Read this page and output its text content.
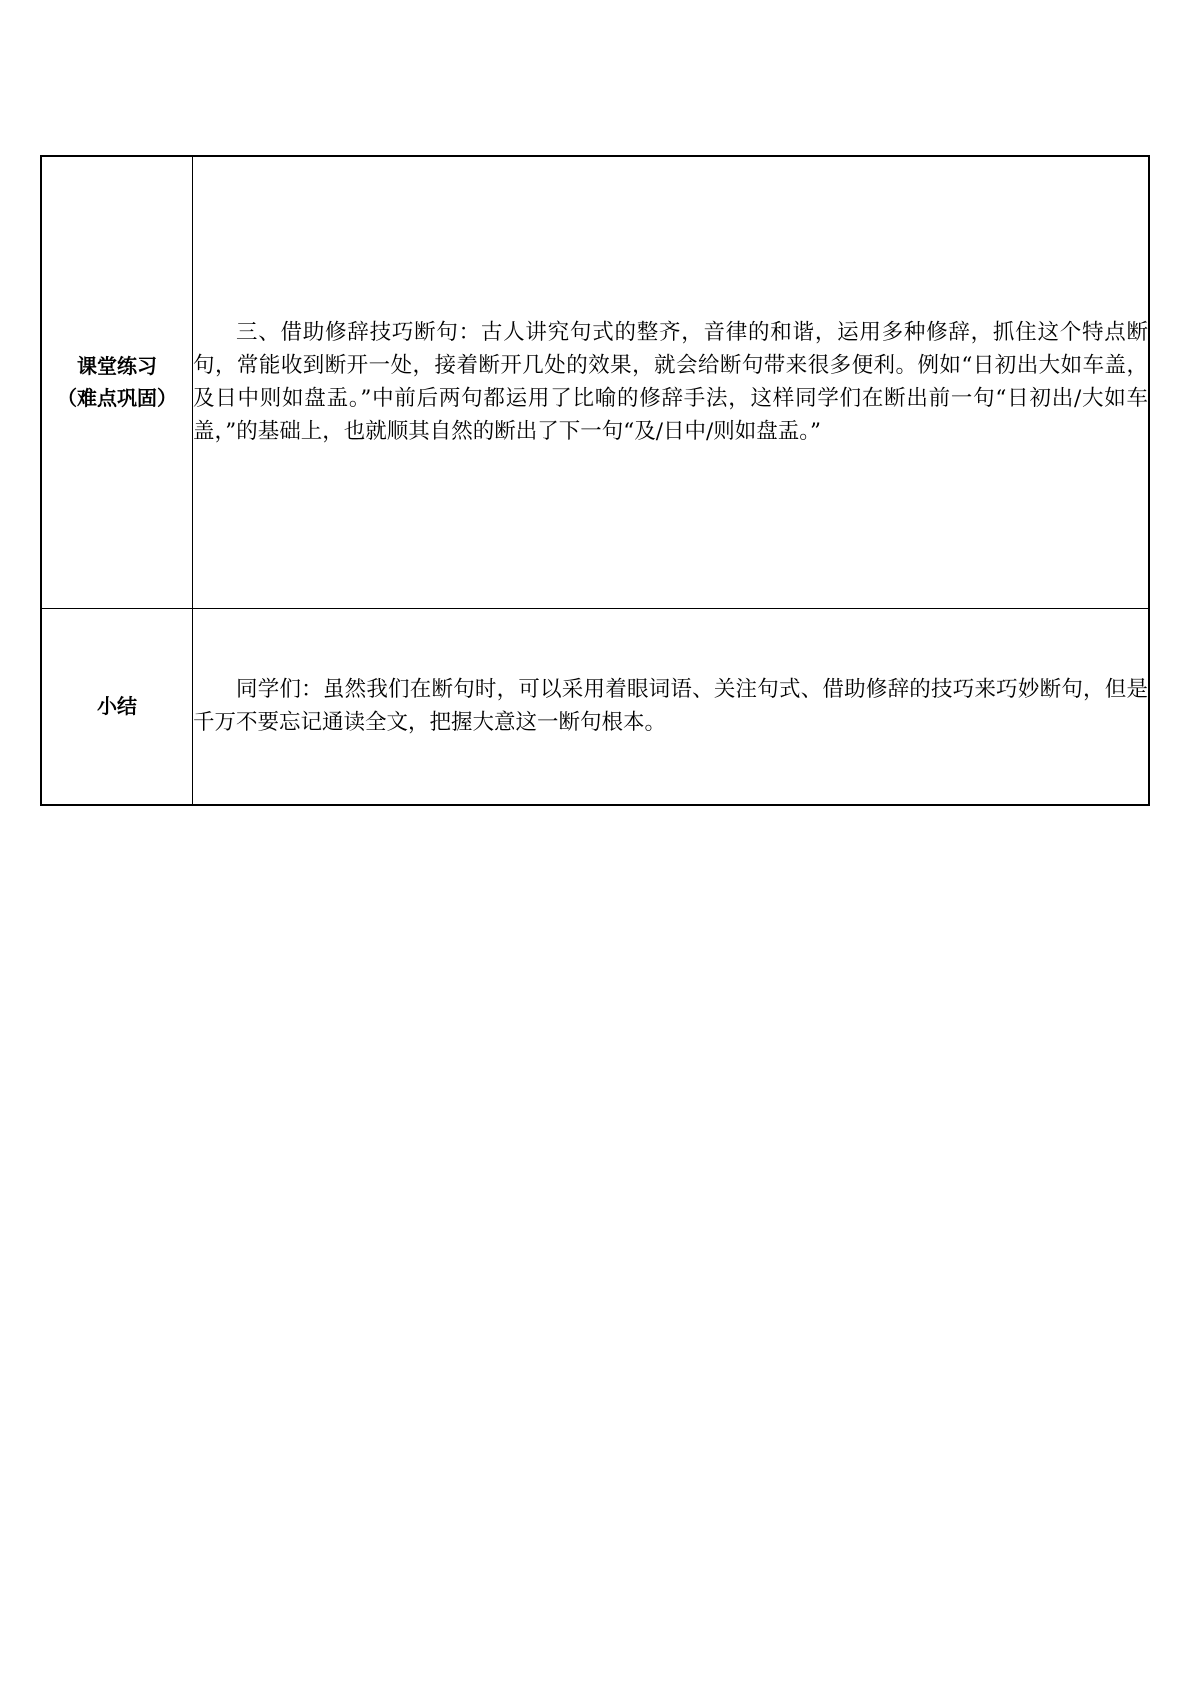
课堂练习
（难点巩固）	三、借助修辞技巧断句：古人讲究句式的整齐，音律的和谐，运用多种修辞，抓住这个特点断句，常能收到断开一处，接着断开几处的效果，就会给断句带来很多便利。例如“日初出大如车盖，及日中则如盘盂。”中前后两句都运用了比喻的修辞手法，这样同学们在断出前一句“日初出/大如车盖，”的基础上，也就顺其自然的断出了下一句“及/日中/则如盘盂。”

小结	同学们：虽然我们在断句时，可以采用着眼词语、关注句式、借助修辞的技巧来巧妙断句，但是千万不要忘记通读全文，把握大意这一断句根本。
